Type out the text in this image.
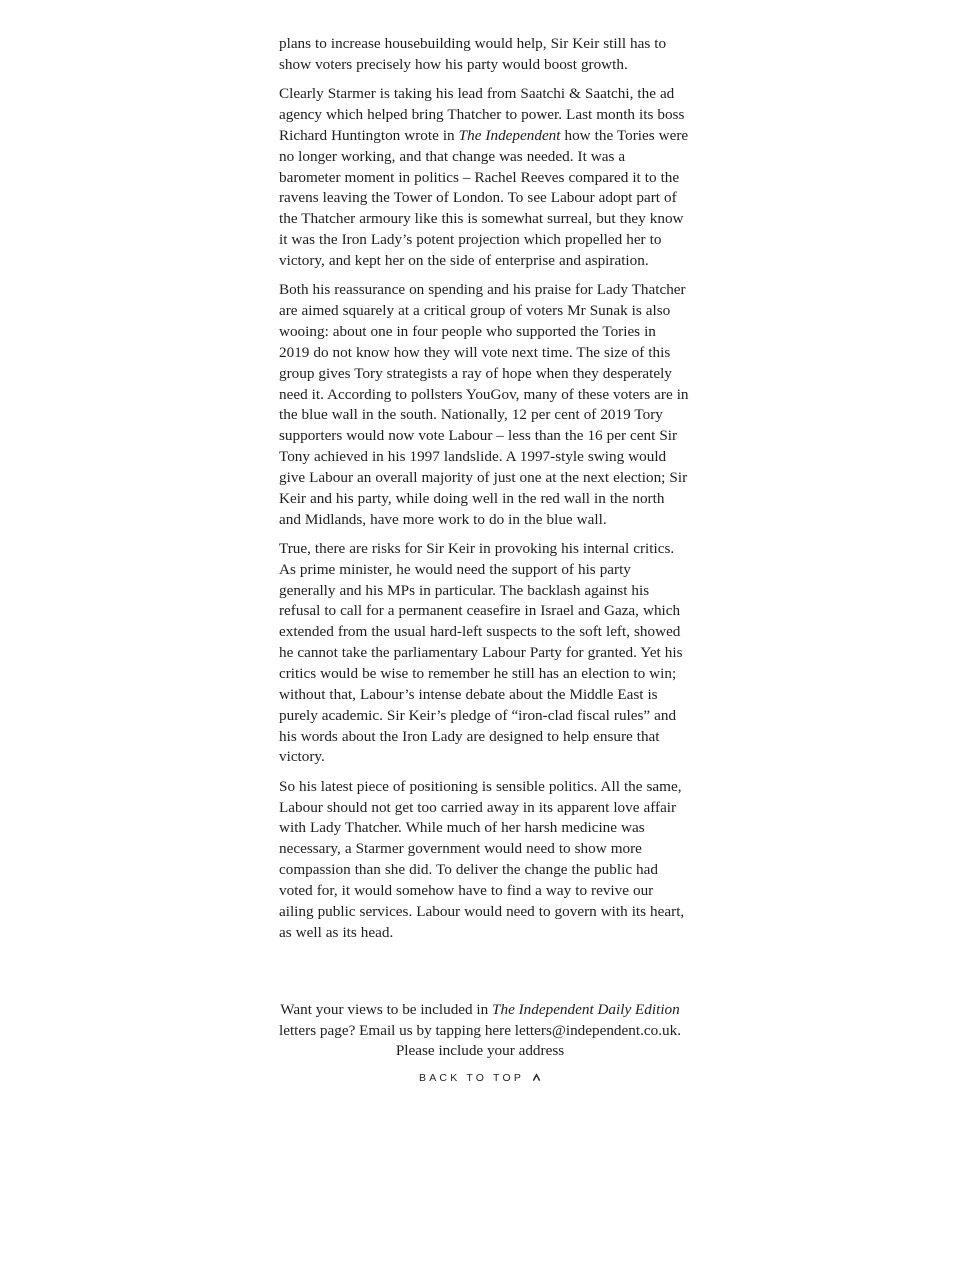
plans to increase housebuilding would help, Sir Keir still has to show voters precisely how his party would boost growth.

Clearly Starmer is taking his lead from Saatchi & Saatchi, the ad agency which helped bring Thatcher to power. Last month its boss Richard Huntington wrote in The Independent how the Tories were no longer working, and that change was needed. It was a barometer moment in politics – Rachel Reeves compared it to the ravens leaving the Tower of London. To see Labour adopt part of the Thatcher armoury like this is somewhat surreal, but they know it was the Iron Lady’s potent projection which propelled her to victory, and kept her on the side of enterprise and aspiration.

Both his reassurance on spending and his praise for Lady Thatcher are aimed squarely at a critical group of voters Mr Sunak is also wooing: about one in four people who supported the Tories in 2019 do not know how they will vote next time. The size of this group gives Tory strategists a ray of hope when they desperately need it. According to pollsters YouGov, many of these voters are in the blue wall in the south. Nationally, 12 per cent of 2019 Tory supporters would now vote Labour – less than the 16 per cent Sir Tony achieved in his 1997 landslide. A 1997-style swing would give Labour an overall majority of just one at the next election; Sir Keir and his party, while doing well in the red wall in the north and Midlands, have more work to do in the blue wall.

True, there are risks for Sir Keir in provoking his internal critics. As prime minister, he would need the support of his party generally and his MPs in particular. The backlash against his refusal to call for a permanent ceasefire in Israel and Gaza, which extended from the usual hard-left suspects to the soft left, showed he cannot take the parliamentary Labour Party for granted. Yet his critics would be wise to remember he still has an election to win; without that, Labour’s intense debate about the Middle East is purely academic. Sir Keir’s pledge of “iron-clad fiscal rules” and his words about the Iron Lady are designed to help ensure that victory.

So his latest piece of positioning is sensible politics. All the same, Labour should not get too carried away in its apparent love affair with Lady Thatcher. While much of her harsh medicine was necessary, a Starmer government would need to show more compassion than she did. To deliver the change the public had voted for, it would somehow have to find a way to revive our ailing public services. Labour would need to govern with its heart, as well as its head.

Want your views to be included in The Independent Daily Edition letters page? Email us by tapping here letters@independent.co.uk. Please include your address

BACK TO TOP
